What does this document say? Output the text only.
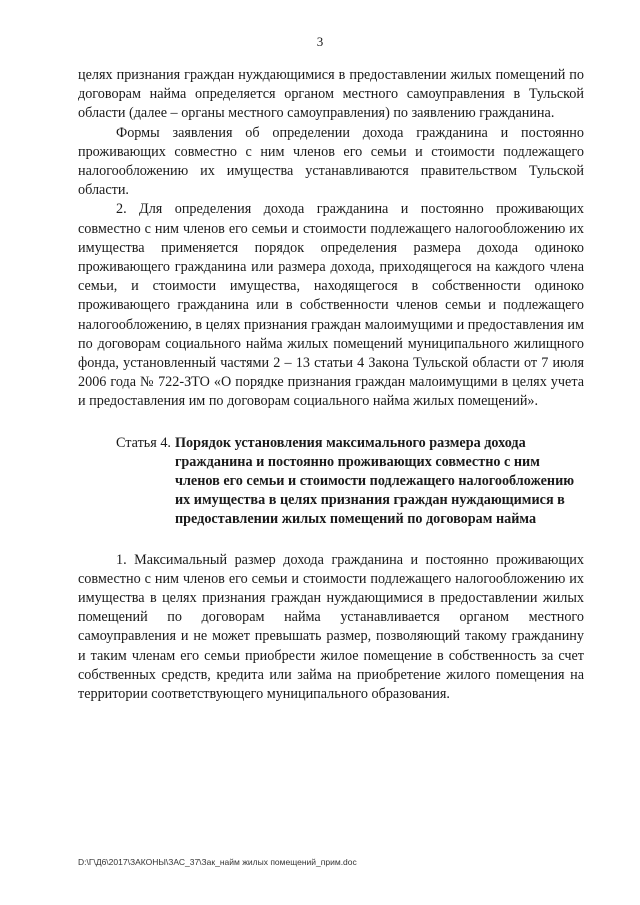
3

целях признания граждан нуждающимися в предоставлении жилых помещений по договорам найма определяется органом местного самоуправления в Тульской области (далее – органы местного самоуправления) по заявлению гражданина.

Формы заявления об определении дохода гражданина и постоянно проживающих совместно с ним членов его семьи и стоимости подлежащего налогообложению их имущества устанавливаются правительством Тульской области.

2. Для определения дохода гражданина и постоянно проживающих совместно с ним членов его семьи и стоимости подлежащего налогообложению их имущества применяется порядок определения размера дохода одиноко проживающего гражданина или размера дохода, приходящегося на каждого члена семьи, и стоимости имущества, находящегося в собственности одиноко проживающего гражданина или в собственности членов семьи и подлежащего налогообложению, в целях признания граждан малоимущими и предоставления им по договорам социального найма жилых помещений муниципального жилищного фонда, установленный частями 2 – 13 статьи 4 Закона Тульской области от 7 июля 2006 года № 722-ЗТО «О порядке признания граждан малоимущими в целях учета и предоставления им по договорам социального найма жилых помещений».

Статья 4. Порядок установления максимального размера дохода гражданина и постоянно проживающих совместно с ним членов его семьи и стоимости подлежащего налогообложению их имущества в целях признания граждан нуждающимися в предоставлении жилых помещений по договорам найма

1. Максимальный размер дохода гражданина и постоянно проживающих совместно с ним членов его семьи и стоимости подлежащего налогообложению их имущества в целях признания граждан нуждающимися в предоставлении жилых помещений по договорам найма устанавливается органом местного самоуправления и не может превышать размер, позволяющий такому гражданину и таким членам его семьи приобрести жилое помещение в собственность за счет собственных средств, кредита или займа на приобретение жилого помещения на территории соответствующего муниципального образования.

D:\Г\Д6\2017\ЗАКОНЫ\ЗАС_37\Зак_найм жилых помещений_прим.doc
